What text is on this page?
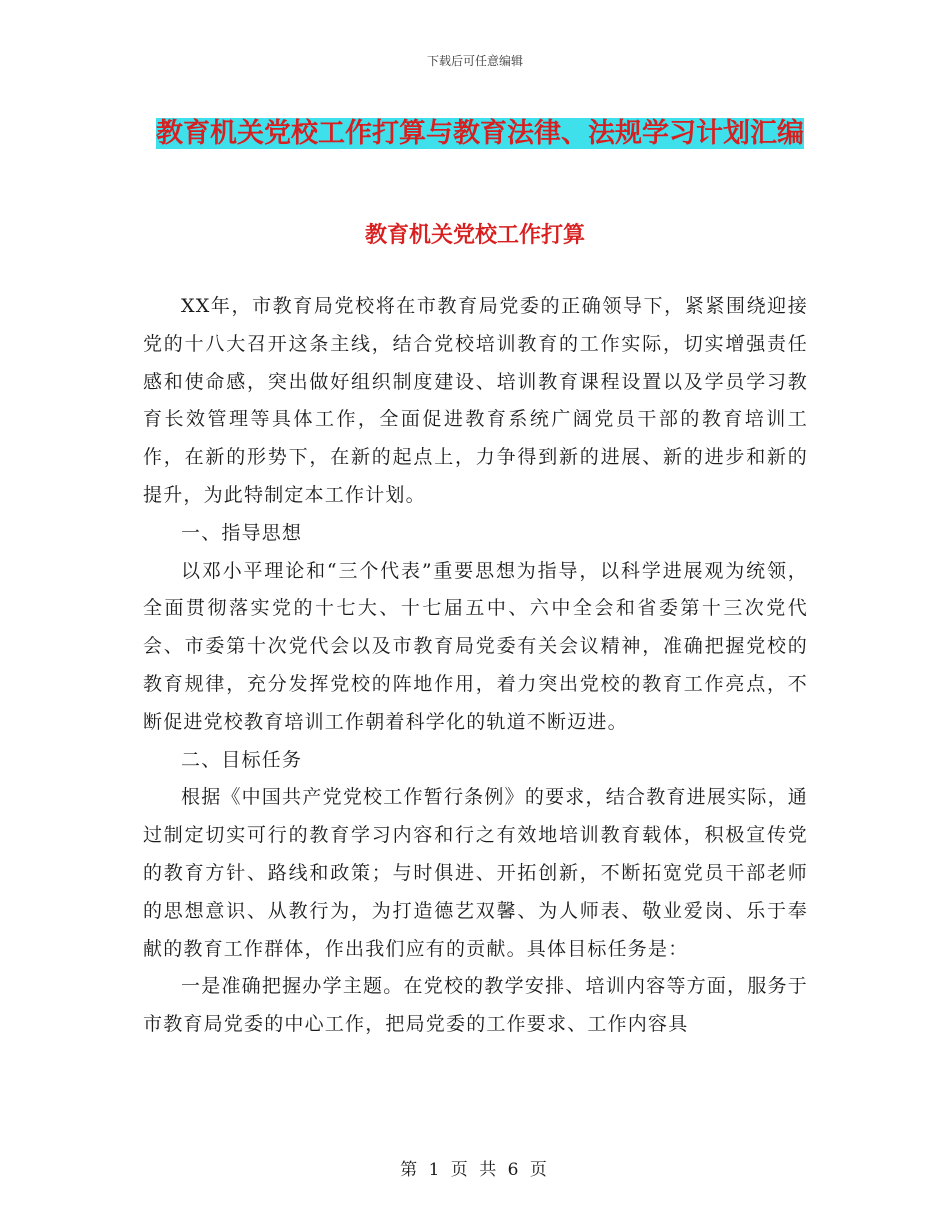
下载后可任意编辑
教育机关党校工作打算与教育法律、法规学习计划汇编
教育机关党校工作打算

XX年，市教育局党校将在市教育局党委的正确领导下，紧紧围绕迎接党的十八大召开这条主线，结合党校培训教育的工作实际，切实增强责任感和使命感，突出做好组织制度建设、培训教育课程设置以及学员学习教育长效管理等具体工作，全面促进教育系统广阔党员干部的教育培训工作，在新的形势下，在新的起点上，力争得到新的进展、新的进步和新的提升，为此特制定本工作计划。

一、指导思想

以邓小平理论和“三个代表”重要思想为指导，以科学进展观为统领，全面贯彻落实党的十七大、十七届五中、六中全会和省委第十三次党代会、市委第十次党代会以及市教育局党委有关会议精神，准确把握党校的教育规律，充分发挥党校的阵地作用，着力突出党校的教育工作亮点，不断促进党校教育培训工作朝着科学化的轨道不断迈进。

二、目标任务

根据《中国共产党党校工作暂行条例》的要求，结合教育进展实际，通过制定切实可行的教育学习内容和行之有效地培训教育载体，积极宣传党的教育方针、路线和政策；与时俱进、开拓创新，不断拓宽党员干部老师的思想意识、从教行为，为打造德艺双馨、为人师表、敬业爱岗、乐于奉献的教育工作群体，作出我们应有的贡献。具体目标任务是：

一是准确把握办学主题。在党校的教学安排、培训内容等方面，服务于市教育局党委的中心工作，把局党委的工作要求、工作内容具

第 1 页 共 6 页
